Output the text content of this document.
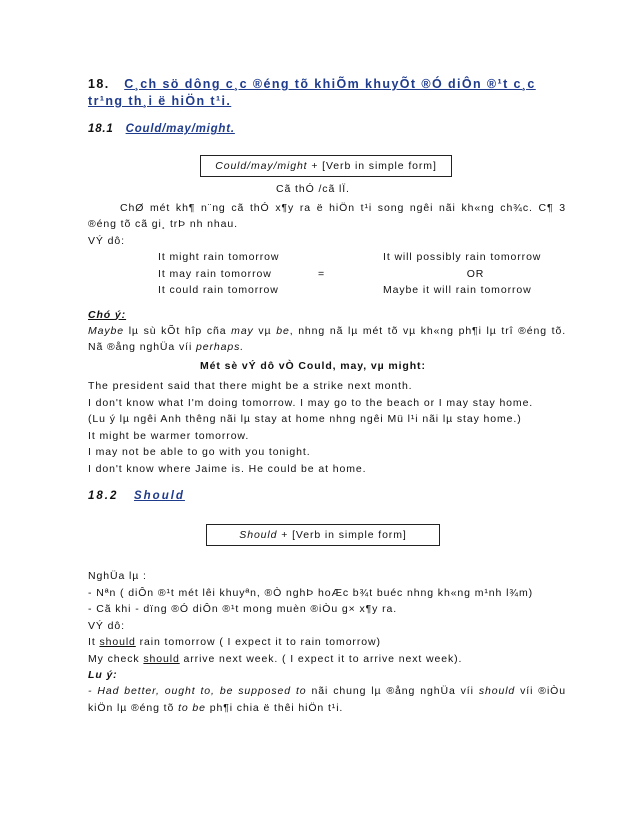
18. C¸ch sö dông c¸c ®éng tõ khiÕm khuyÕt ®Ó diÔn ®¹t c¸c
tr¹ng th¸i ë hiÖn t¹i.

18.1 Could/may/might.

Could/may/might + [Verb in simple form]

Cã thÓ /cã lÏ.

ChØ mét kh¶ n¨ng cã thÓ x¶y ra ë hiÖn t¹i song ngêi nãi kh«ng ch¾c. C¶ 3 ®éng tõ cã gi¸ trÞ nh nhau.

VÝ dô:

It might rain tomorrow	It will possibly rain tomorrow
It may rain tomorrow	=	OR
It could rain tomorrow	Maybe it will rain tomorrow

Chó ý:

Maybe lµ sù kÕt hîp cña may vµ be, nhng nã lµ mét tõ vµ kh«ng ph¶i lµ trî ®éng tõ. Nã ®ång nghÜa víi perhaps.

Mét sè vÝ dô vÒ Could, may, vµ might:

The president said that there might be a strike next month.

I don't know what I'm doing tomorrow. I may go to the beach or I may stay home.

(Lu ý lµ ngêi Anh thêng nãi lµ stay at home nhng ngêi Mü l¹i nãi lµ stay home.)

It might be warmer tomorrow.

I may not be able to go with you tonight.

I don't know where Jaime is. He could be at home.

18.2 Should

Should + [Verb in simple form]

NghÜa lµ :

- Nªn ( diÔn ®¹t mét lêi khuyªn, ®Ò nghÞ hoÆc b¾t buéc nhng kh«ng m¹nh l¾m)

- Cã khi - dïng ®Ó diÔn ®¹t mong muèn ®iÒu g× x¶y ra.

VÝ dô:

It should rain tomorrow ( I expect it to rain tomorrow)

My check should arrive next week. ( I expect it to arrive next week).

Lu ý:

- Had better, ought to, be supposed to nãi chung lµ ®ång nghÜa víi should víi ®iÒu kiÖn lµ ®éng tõ to be ph¶i chia ë thêi hiÖn t¹i.
